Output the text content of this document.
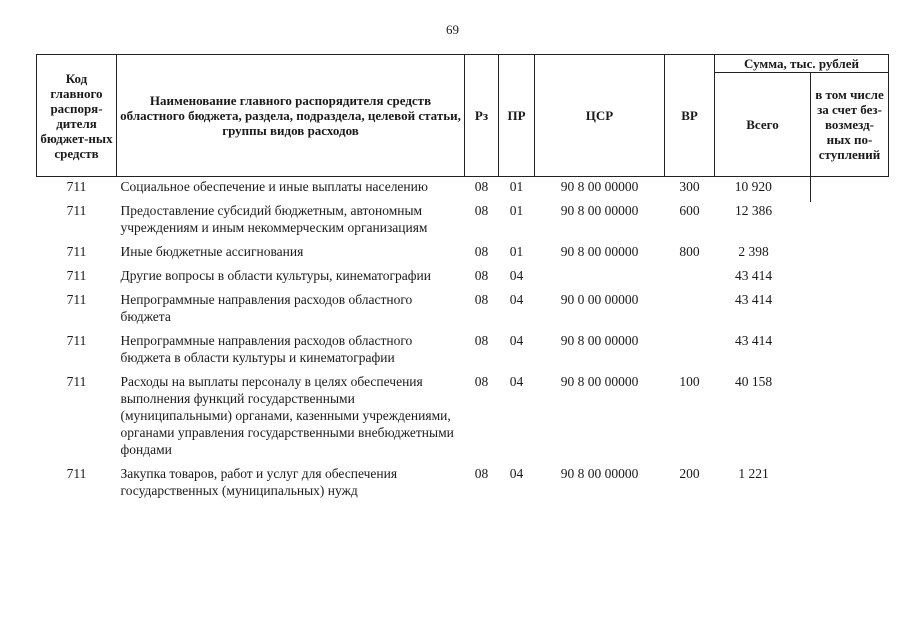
69
Код главного распоря-дителя бюджет-ных средств	Наименование главного распорядителя средств областного бюджета, раздела, подраздела, целевой статьи, группы видов расходов	Рз	ПР	ЦСР	ВР	Сумма, тыс. рублей	
						Всего	в том числе за счет без-возмезд-ных по-ступлений
711	Социальное обеспечение и иные выплаты населению	08	01	90 8 00 00000	300	10 920	
711	Предоставление субсидий бюджетным, автономным учреждениям и иным некоммерческим организациям	08	01	90 8 00 00000	600	12 386	
711	Иные бюджетные ассигнования	08	01	90 8 00 00000	800	2 398	
711	Другие вопросы в области культуры, кинематографии	08	04			43 414	
711	Непрограммные направления расходов областного бюджета	08	04	90 0 00 00000		43 414	
711	Непрограммные направления расходов областного бюджета в области культуры и кинематографии	08	04	90 8 00 00000		43 414	
711	Расходы на выплаты персоналу в целях обеспечения выполнения функций государственными (муниципальными) органами, казенными учреждениями, органами управления государственными внебюджетными фондами	08	04	90 8 00 00000	100	40 158	
711	Закупка товаров, работ и услуг для обеспечения государственных (муниципальных) нужд	08	04	90 8 00 00000	200	1 221	
